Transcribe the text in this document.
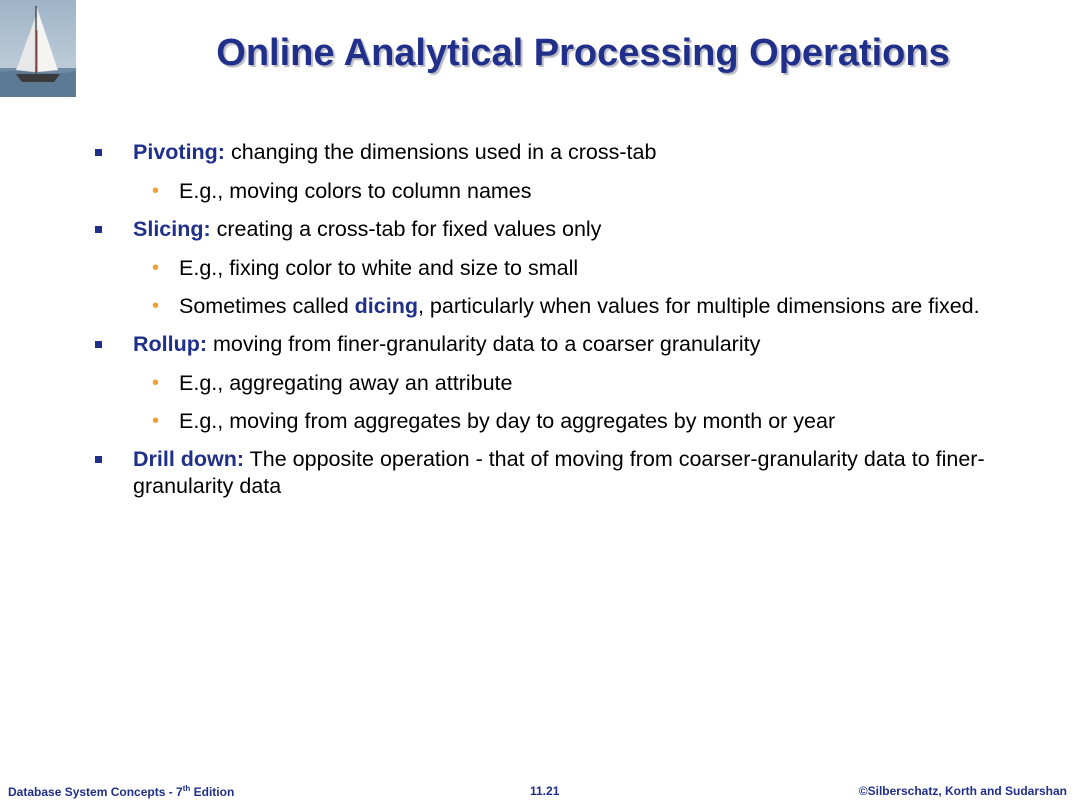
Online Analytical Processing Operations
Pivoting: changing the dimensions used in a cross-tab
• E.g., moving colors to column names
Slicing: creating a cross-tab for fixed values only
• E.g., fixing color to white and size to small
• Sometimes called dicing, particularly when values for multiple dimensions are fixed.
Rollup: moving from finer-granularity data to a coarser granularity
• E.g., aggregating away an attribute
• E.g., moving from aggregates by day to aggregates by month or year
Drill down: The opposite operation - that of moving from coarser-granularity data to finer-granularity data
Database System Concepts - 7th Edition	11.21	©Silberschatz, Korth and Sudarshan
